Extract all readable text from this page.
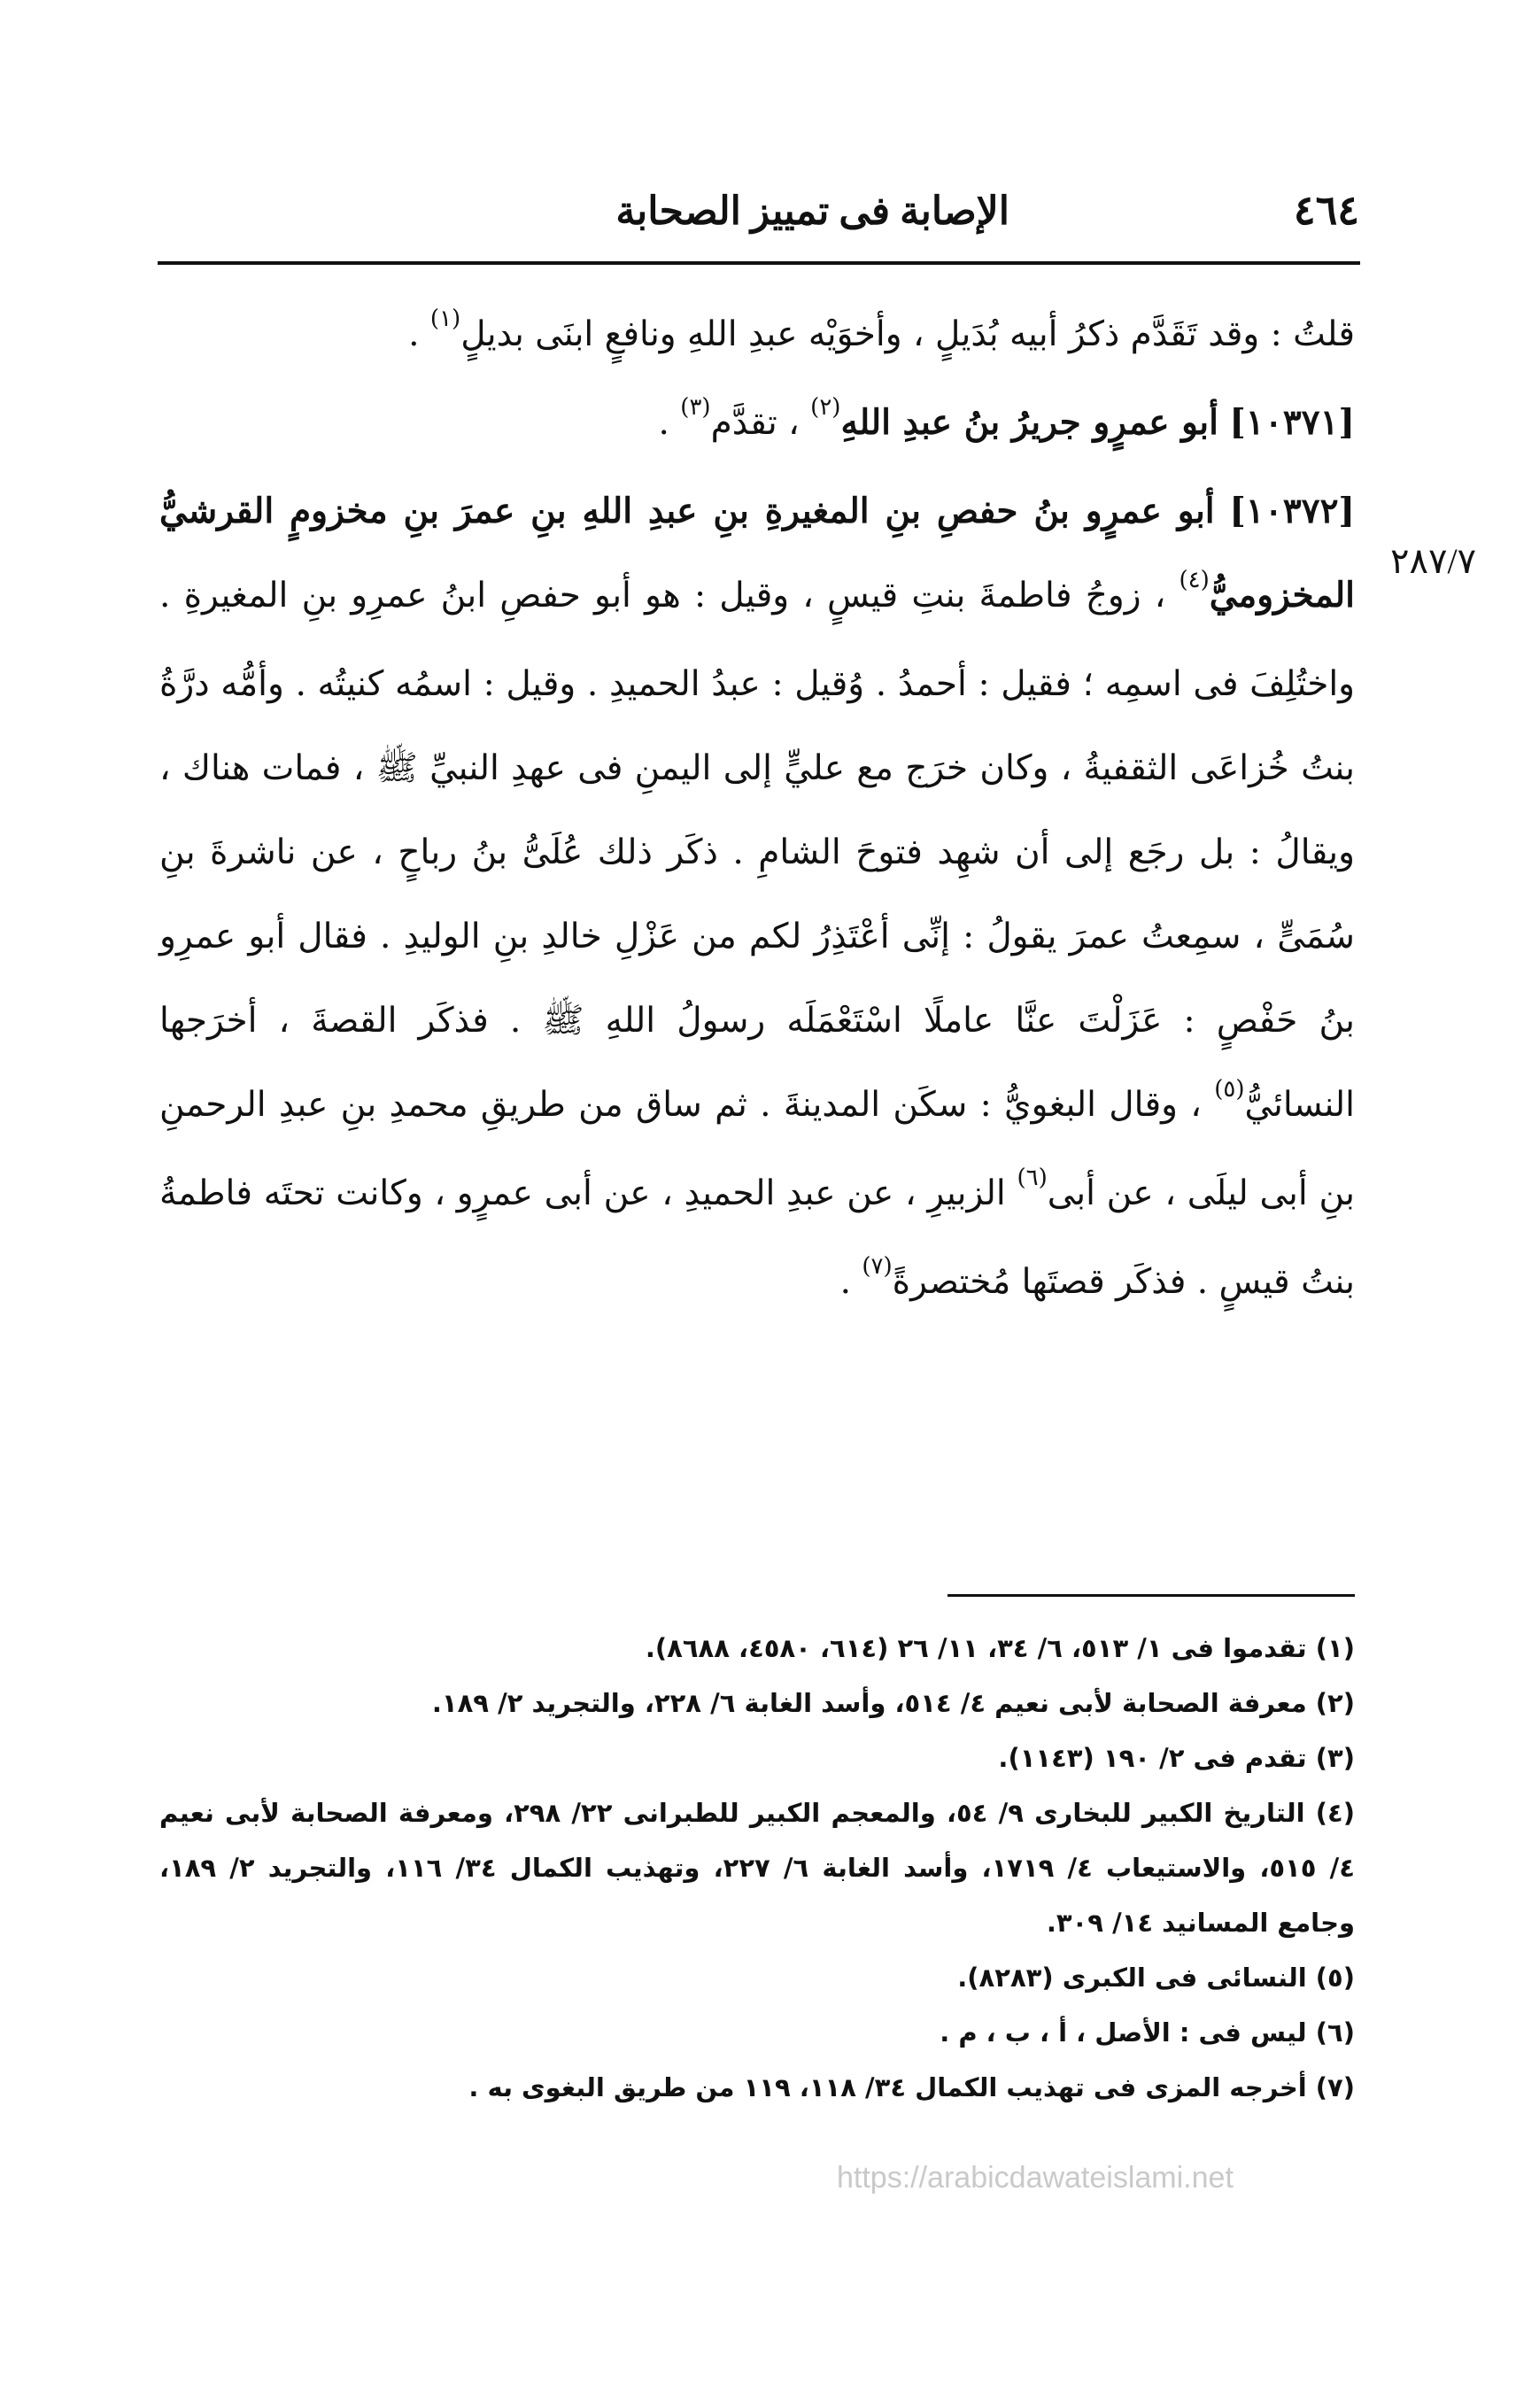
٤٦٤
الإصابة فى تمييز الصحابة
٢٨٧/٧

قلتُ : وقد تَقَدَّم ذكرُ أبيه بُدَيلٍ ، وأخوَيْه عبدِ اللهِ ونافعٍ ابنَى بديلٍ$^{(١)}$ .

[١٠٣٧١] أبو عمرٍو جريرُ بنُ عبدِ اللهِ$^{(٢)}$ ، تقدَّم$^{(٣)}$ .

[١٠٣٧٢] أبو عمرٍو بنُ حفصِ بنِ المغيرةِ بنِ عبدِ اللهِ بنِ عمرَ بنِ مخزومٍ القرشيُّ المخزوميُّ$^{(٤)}$ ، زوجُ فاطمةَ بنتِ قيسٍ ، وقيل : هو أبو حفصِ ابنُ عمرِو بنِ المغيرةِ . واختُلِفَ فى اسمِه ؛ فقيل : أحمدُ . وُقيل : عبدُ الحميدِ . وقيل : اسمُه كنيتُه . وأمُّه درَّةُ بنتُ خُزاعَى الثقفيةُ ، وكان خرَج مع عليٍّ إلى اليمنِ فى عهدِ النبيِّ ﷺ ، فمات هناك ، ويقالُ : بل رجَع إلى أن شهِد فتوحَ الشامِ . ذكَر ذلك عُلَىُّ بنُ رباحٍ ، عن ناشرةَ بنِ سُمَىٍّ ، سمِعتُ عمرَ يقولُ : إنِّى أعْتَذِرُ لكم من عَزْلِ خالدِ بنِ الوليدِ . فقال أبو عمرِو بنُ حَفْصٍ : عَزَلْتَ عنَّا عاملًا اسْتَعْمَلَه رسولُ اللهِ ﷺ . فذكَر القصةَ ، أخرَجها النسائيُّ$^{(٥)}$ ، وقال البغويُّ : سكَن المدينةَ . ثم ساق من طريقِ محمدِ بنِ عبدِ الرحمنِ بنِ أبى ليلَى ، عن أبى$^{(٦)}$ الزبيرِ ، عن عبدِ الحميدِ ، عن أبى عمرٍو ، وكانت تحتَه فاطمةُ بنتُ قيسٍ . فذكَر قصتَها مُختصرةً$^{(٧)}$ .

(١) تقدموا فى ١/ ٥١٣، ٦/ ٣٤، ١١/ ٢٦ (٦١٤، ٤٥٨٠، ٨٦٨٨).

(٢) معرفة الصحابة لأبى نعيم ٤/ ٥١٤، وأسد الغابة ٦/ ٢٢٨، والتجريد ٢/ ١٨٩.

(٣) تقدم فى ٢/ ١٩٠ (١١٤٣).

(٤) التاريخ الكبير للبخارى ٩/ ٥٤، والمعجم الكبير للطبرانى ٢٢/ ٢٩٨، ومعرفة الصحابة لأبى نعيم ٤/ ٥١٥، والاستيعاب ٤/ ١٧١٩، وأسد الغابة ٦/ ٢٢٧، وتهذيب الكمال ٣٤/ ١١٦، والتجريد ٢/ ١٨٩، وجامع المسانيد ١٤/ ٣٠٩.

(٥) النسائى فى الكبرى (٨٢٨٣).

(٦) ليس فى : الأصل ، أ ، ب ، م .

(٧) أخرجه المزى فى تهذيب الكمال ٣٤/ ١١٨، ١١٩ من طريق البغوى به .

https://arabicdawateislami.net
